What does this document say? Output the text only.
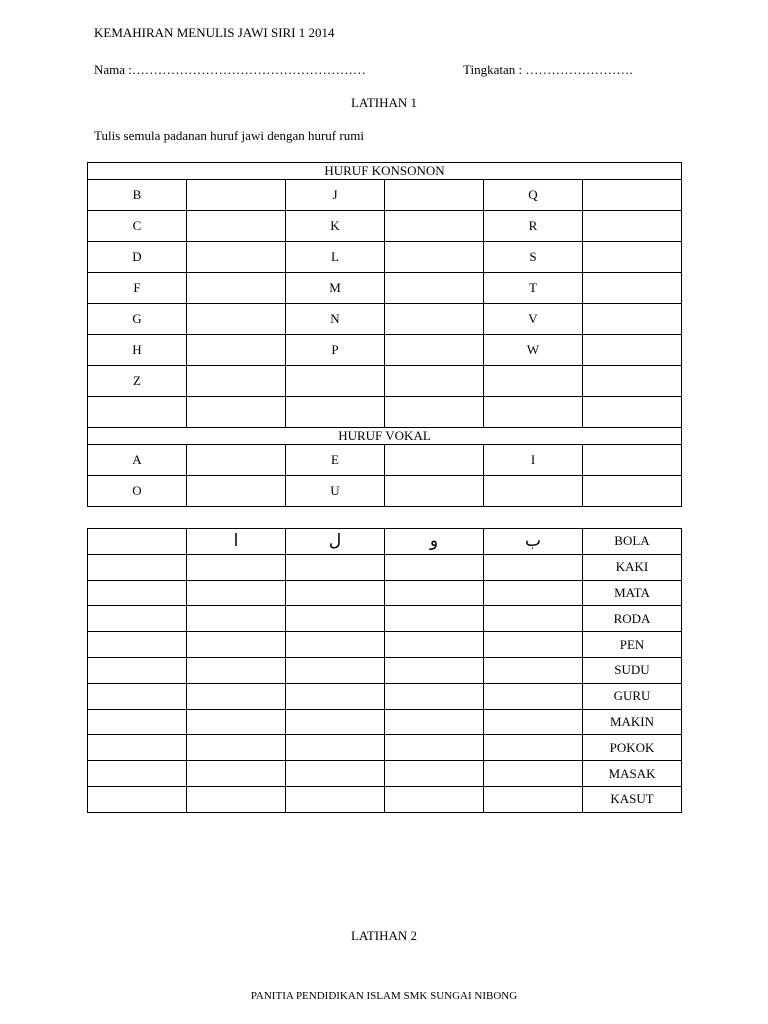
KEMAHIRAN MENULIS JAWI SIRI 1 2014
Nama :………………………………………………	Tingkatan : …………………….
LATIHAN 1
Tulis semula padanan huruf jawi dengan huruf rumi
HURUF KONSONON					
B		J		Q	
C		K		R	
D		L		S	
F		M		T	
G		N		V	
H		P		W	
Z					

HURUF VOKAL					
A		E		I	
O		U			
	ا	ل	و	ب	BOLA
					KAKI
					MATA
					RODA
					PEN
					SUDU
					GURU
					MAKIN
					POKOK
					MASAK
					KASUT
LATIHAN 2
PANITIA PENDIDIKAN ISLAM SMK SUNGAI NIBONG
